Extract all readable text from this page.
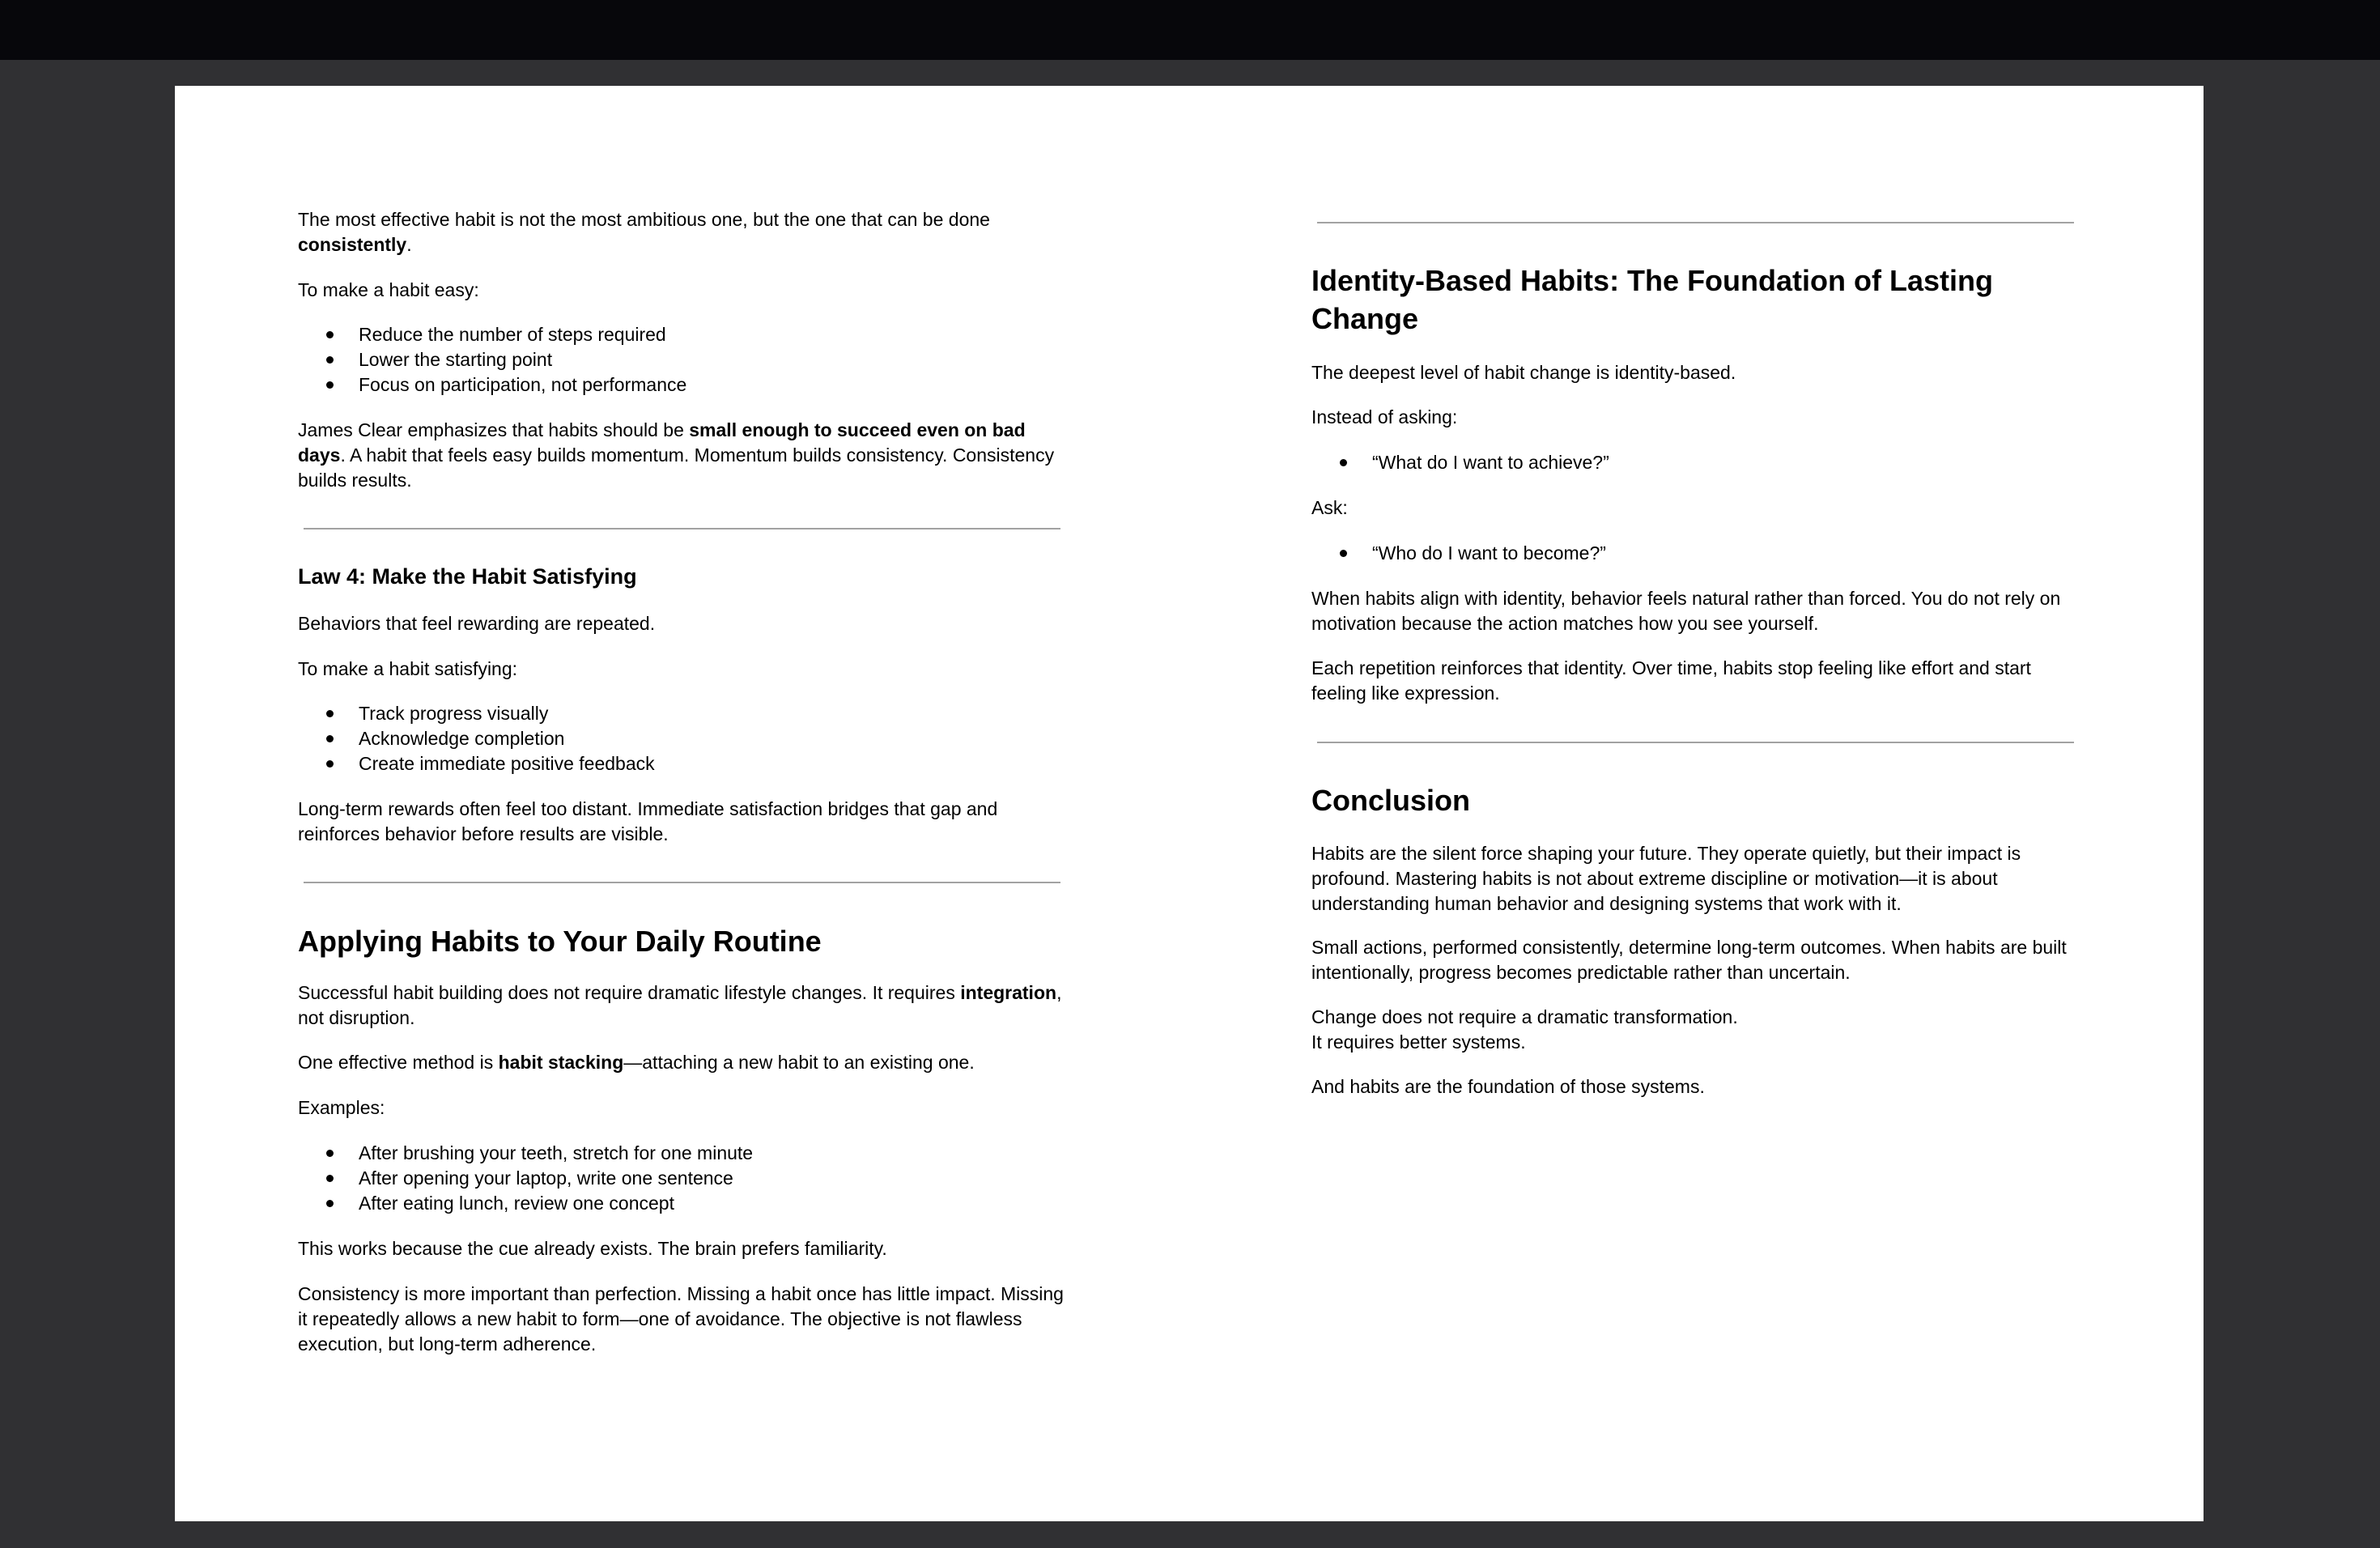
The most effective habit is not the most ambitious one, but the one that can be done consistently.

To make a habit easy:

Reduce the number of steps required
Lower the starting point
Focus on participation, not performance

James Clear emphasizes that habits should be small enough to succeed even on bad days. A habit that feels easy builds momentum. Momentum builds consistency. Consistency builds results.

Law 4: Make the Habit Satisfying

Behaviors that feel rewarding are repeated.

To make a habit satisfying:

Track progress visually
Acknowledge completion
Create immediate positive feedback

Long-term rewards often feel too distant. Immediate satisfaction bridges that gap and reinforces behavior before results are visible.

Applying Habits to Your Daily Routine

Successful habit building does not require dramatic lifestyle changes. It requires integration, not disruption.

One effective method is habit stacking—attaching a new habit to an existing one.

Examples:

After brushing your teeth, stretch for one minute
After opening your laptop, write one sentence
After eating lunch, review one concept

This works because the cue already exists. The brain prefers familiarity.

Consistency is more important than perfection. Missing a habit once has little impact. Missing it repeatedly allows a new habit to form—one of avoidance. The objective is not flawless execution, but long-term adherence.

Identity-Based Habits: The Foundation of Lasting Change

The deepest level of habit change is identity-based.

Instead of asking:

“What do I want to achieve?”

Ask:

“Who do I want to become?”

When habits align with identity, behavior feels natural rather than forced. You do not rely on motivation because the action matches how you see yourself.

Each repetition reinforces that identity. Over time, habits stop feeling like effort and start feeling like expression.

Conclusion

Habits are the silent force shaping your future. They operate quietly, but their impact is profound. Mastering habits is not about extreme discipline or motivation—it is about understanding human behavior and designing systems that work with it.

Small actions, performed consistently, determine long-term outcomes. When habits are built intentionally, progress becomes predictable rather than uncertain.

Change does not require a dramatic transformation.
It requires better systems.

And habits are the foundation of those systems.
